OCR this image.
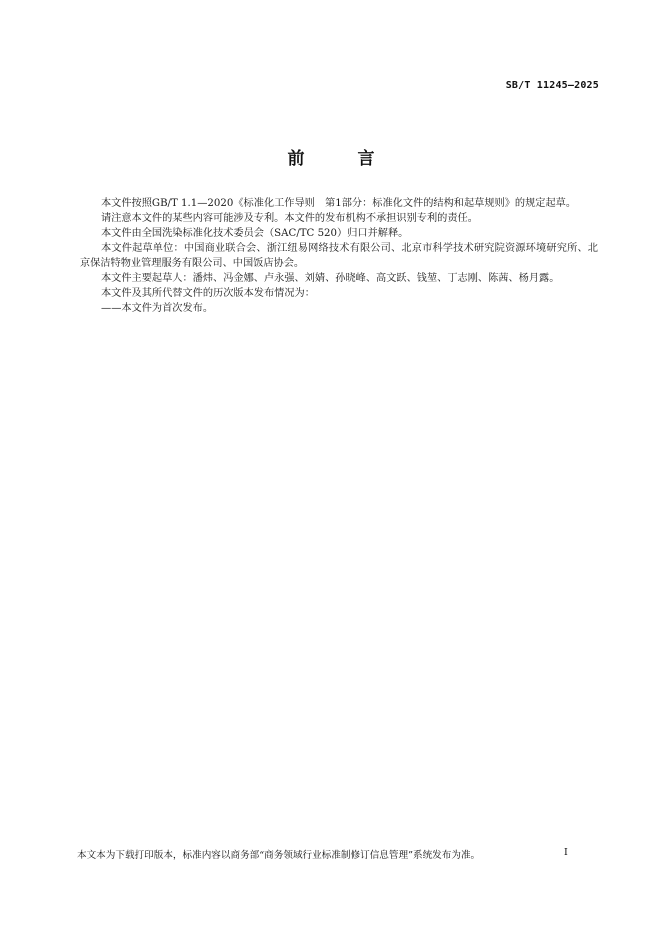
SB/T 11245—2025
前　言

本文件按照GB/T 1.1—2020《标准化工作导则　第1部分：标准化文件的结构和起草规则》的规定起草。

请注意本文件的某些内容可能涉及专利。本文件的发布机构不承担识别专利的责任。

本文件由全国洗染标准化技术委员会（SAC/TC 520）归口并解释。

本文件起草单位：中国商业联合会、浙江纽易网络技术有限公司、北京市科学技术研究院资源环境研究所、北京保洁特物业管理服务有限公司、中国饭店协会。

本文件主要起草人：潘炜、冯金娜、卢永强、刘婧、孙晓峰、高文跃、钱堃、丁志刚、陈茜、杨月露。

本文件及其所代替文件的历次版本发布情况为：

——本文件为首次发布。

本文本为下载打印版本，标准内容以商务部“商务领域行业标准制修订信息管理”系统发布为准。	I
